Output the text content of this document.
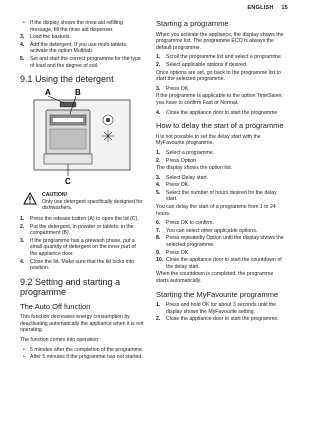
ENGLISH 15
• If the display shows the rinse aid refilling message, fill the rinse aid dispenser.
3. Load the baskets.
4. Add the detergent. If you use multi-tablets, activate the option Multitab.
5. Set and start the correct programme for the type of load and the degree of soil.
9.1 Using the detergent
A	B
C
CAUTION!
Only use detergent specifically designed for dishwashers.
1. Press the release button (A) to open the lid (C).
2. Put the detergent, in powder or tablets, in the compartment (B).
3. If the programme has a prewash phase, put a small quantity of detergent on the inner part of the appliance door.
4. Close the lid. Make sure that the lid locks into position.
9.2 Setting and starting a programme
The Auto Off function

This function decreases energy consumption by deactivating automatically the appliance when it is not operating.

The function comes into operation:

• 5 minutes after the completion of the programme.
• After 5 minutes if the programme has not started.
Starting a programme

When you activate the appliance, the display shows the programme list. The programme ECO is always the default programme.

1. Scroll the programme list and select a programme.
2. Select applicable options if desired.

Once options are set, go back to the programme list to start the selected programme.

3. Press OK.

If the programme is applicable to the option TimeSaver, you have to confirm Fast or Normal.

4. Close the appliance door to start the programme
How to delay the start of a programme

It is not possible to set the delay start with the MyFavourite programme.

1. Select a programme.
2. Press Option.

The display shows the option list.

3. Select Delay start.
4. Press OK.
5. Select the number of hours desired for the delay start.

You can delay the start of a programme from 1 to 24 hours.

6. Press OK to confirm.
7. You can select other applicable options.
8. Press repeatedly Option until the display shows the selected programme.
9. Press OK.
10. Close the appliance door to start the countdown of the delay start.

When the countdown is completed, the programme starts automatically.

Starting the MyFavourite programme
1. Press and hold OK for about 3 seconds until the display shows the MyFavourite setting.
2. Close the appliance door to start the programme.
